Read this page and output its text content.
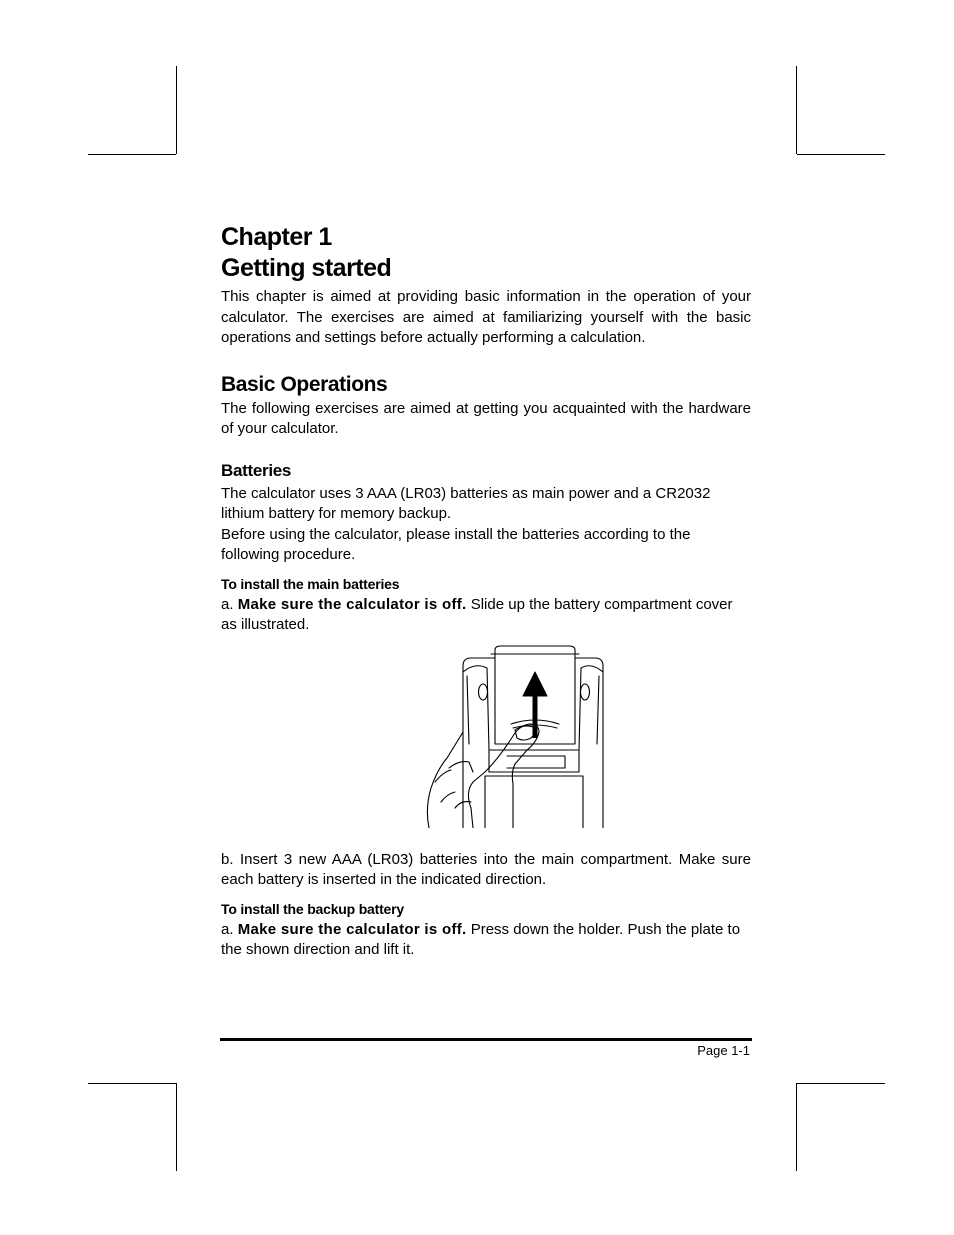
Chapter 1
Getting started

This chapter is aimed at providing basic information in the operation of your calculator. The exercises are aimed at familiarizing yourself with the basic operations and settings before actually performing a calculation.

Basic Operations

The following exercises are aimed at getting you acquainted with the hardware of your calculator.

Batteries

The calculator uses 3 AAA (LR03) batteries as main power and a CR2032 lithium battery for memory backup.

Before using the calculator, please install the batteries according to the following procedure.

To install the main batteries

a. Make sure the calculator is off. Slide up the battery compartment cover as illustrated.

b. Insert 3 new AAA (LR03) batteries into the main compartment. Make sure each battery is inserted in the indicated direction.

To install the backup battery

a. Make sure the calculator is off. Press down the holder. Push the plate to the shown direction and lift it.

Page 1-1
